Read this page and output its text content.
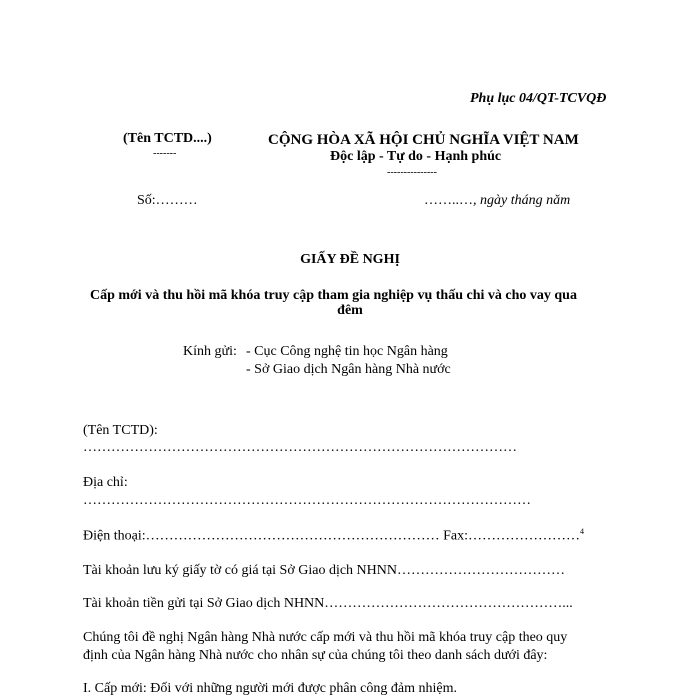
Phụ lục 04/QT-TCVQĐ
(Tên TCTD....)
-------
CỘNG HÒA XÃ HỘI CHỦ NGHĨA VIỆT NAM
Độc lập - Tự do - Hạnh phúc
---------------
Số:………	……..…, ngày tháng năm
GIẤY ĐỀ NGHỊ
Cấp mới và thu hồi mã khóa truy cập tham gia nghiệp vụ thấu chi và cho vay qua
đêm
Kính gửi: - Cục Công nghệ tin học Ngân hàng
- Sở Giao dịch Ngân hàng Nhà nước
(Tên TCTD):
…………………………………………………………………………………
Địa chỉ:
……………………………………………………………………………………
Điện thoại:……………………………………………………… Fax:……………………$^4$
Tài khoản lưu ký giấy tờ có giá tại Sở Giao dịch NHNN………………………………
Tài khoản tiền gửi tại Sở Giao dịch NHNN……………………………………………...
Chúng tôi đề nghị Ngân hàng Nhà nước cấp mới và thu hồi mã khóa truy cập theo quy
định của Ngân hàng Nhà nước cho nhân sự của chúng tôi theo danh sách dưới đây:
I. Cấp mới: Đối với những người mới được phân công đảm nhiệm.
